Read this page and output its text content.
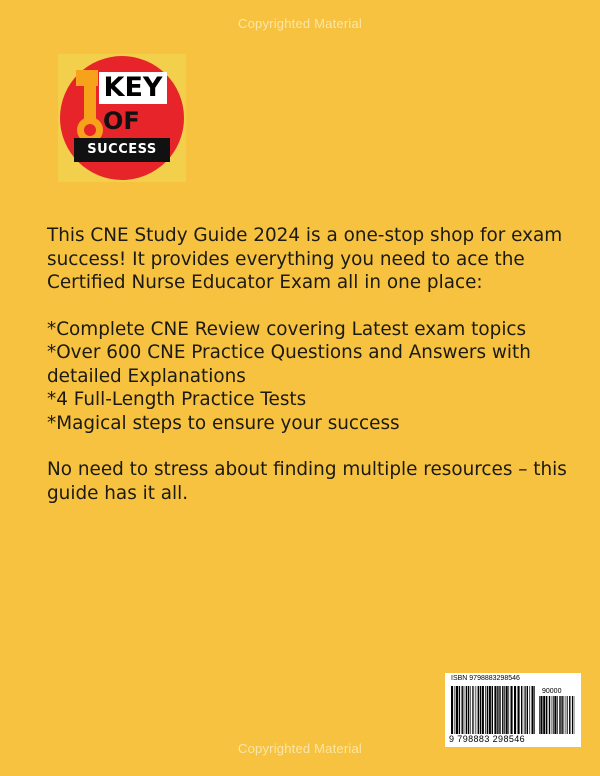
Copyrighted Material
KEY
OF
SUCCESS

This CNE Study Guide 2024 is a one-stop shop for exam success! It provides everything you need to ace the Certified Nurse Educator Exam all in one place:

*Complete CNE Review covering Latest exam topics
*Over 600 CNE Practice Questions and Answers with detailed Explanations
*4 Full-Length Practice Tests
*Magical steps to ensure your success

No need to stress about finding multiple resources – this guide has it all.

ISBN 9798883298546
90000
9 798883 298546
Copyrighted Material
